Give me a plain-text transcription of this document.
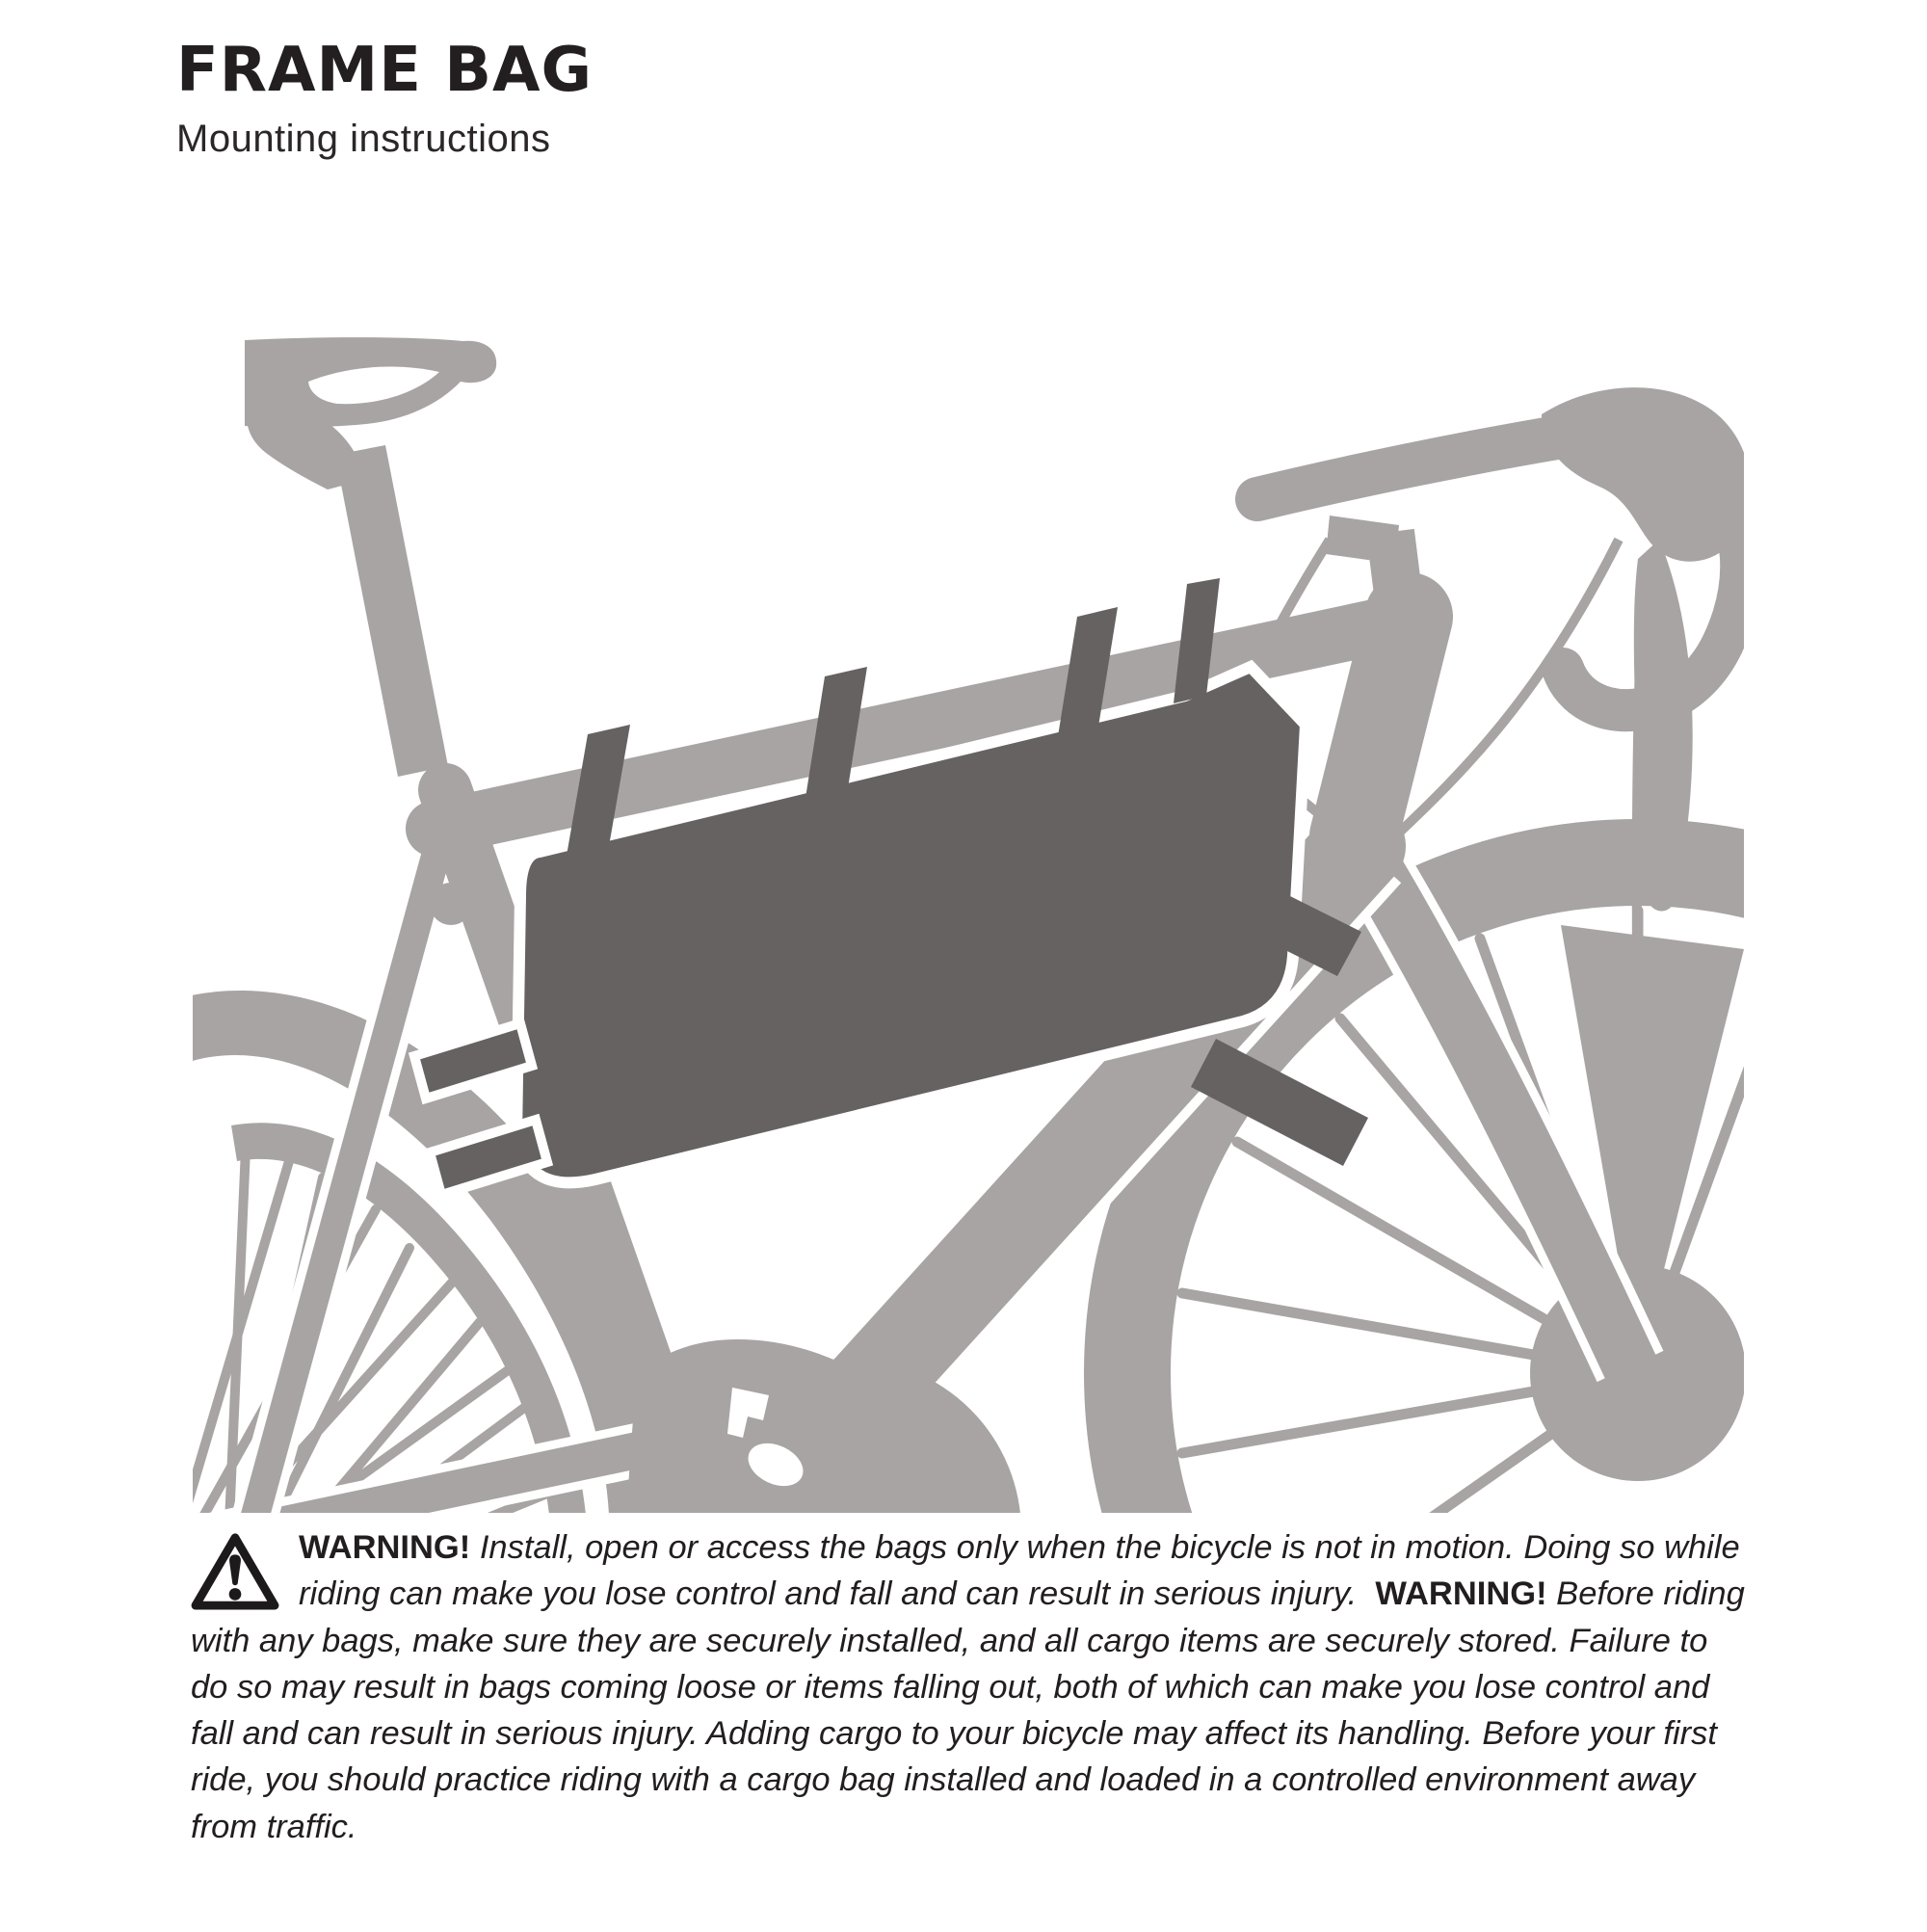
FRAME BAG
Mounting instructions
WARNING! Install, open or access the bags only when the bicycle is not in motion. Doing so while riding can make you lose control and fall and can result in serious injury.  WARNING! Before riding with any bags, make sure they are securely installed, and all cargo items are securely stored. Failure to do so may result in bags coming loose or items falling out, both of which can make you lose control and fall and can result in serious injury. Adding cargo to your bicycle may affect its handling. Before your first ride, you should practice riding with a cargo bag installed and loaded in a controlled environment away from traffic.
